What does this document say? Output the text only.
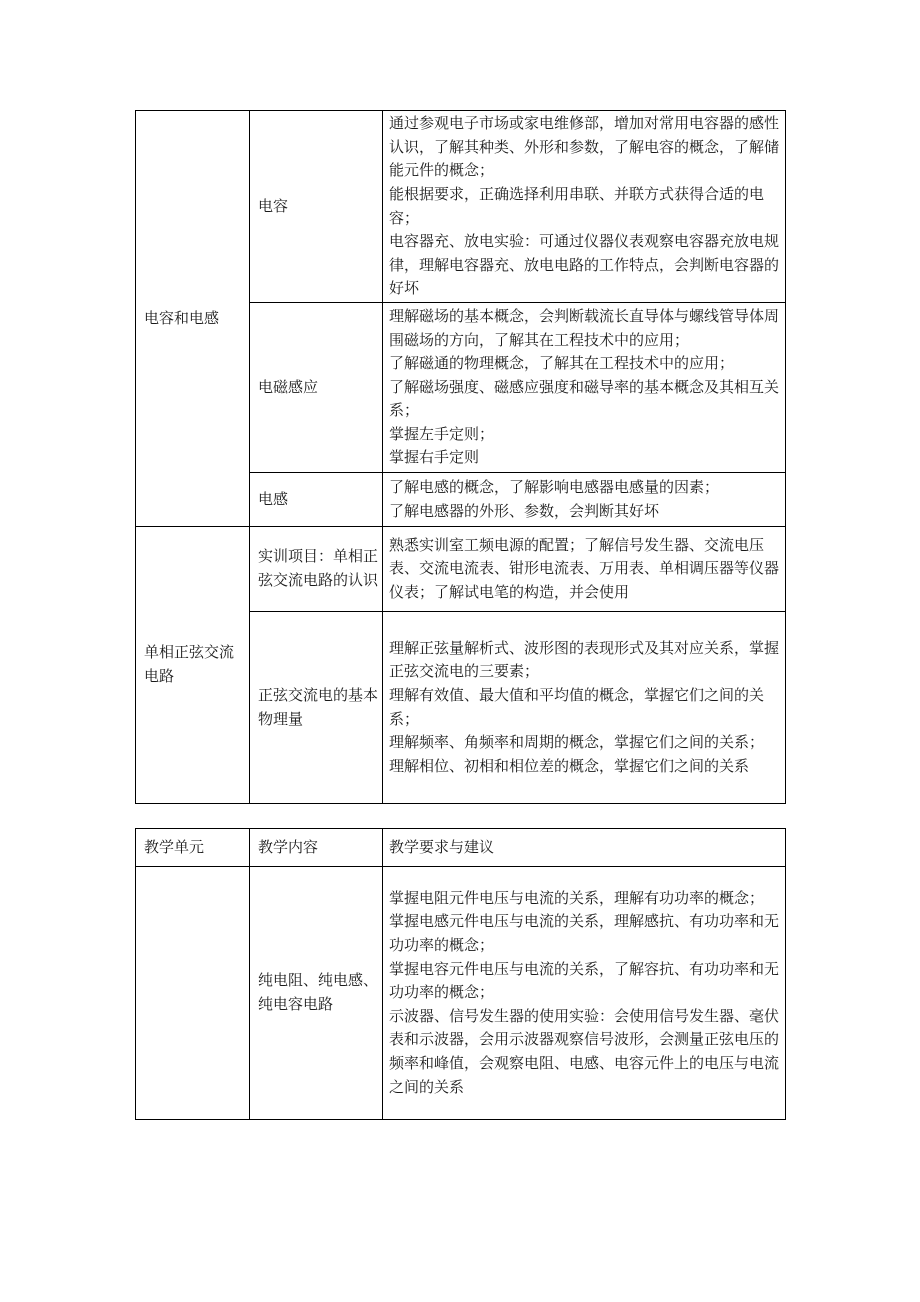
电容和电感	电容	通过参观电子市场或家电维修部，增加对常用电容器的感性认识，了解其种类、外形和参数，了解电容的概念，了解储能元件的概念；

能根据要求，正确选择利用串联、并联方式获得合适的电容；

电容器充、放电实验：可通过仪器仪表观察电容器充放电规律，理解电容器充、放电电路的工作特点，会判断电容器的好坏

	电磁感应	理解磁场的基本概念，会判断载流长直导体与螺线管导体周围磁场的方向，了解其在工程技术中的应用；

了解磁通的物理概念，了解其在工程技术中的应用；

了解磁场强度、磁感应强度和磁导率的基本概念及其相互关系；

掌握左手定则；

掌握右手定则

	电感	了解电感的概念，了解影响电感器电感量的因素；

了解电感器的外形、参数，会判断其好坏

单相正弦交流电路	实训项目：单相正弦交流电路的认识	熟悉实训室工频电源的配置；了解信号发生器、交流电压表、交流电流表、钳形电流表、万用表、单相调压器等仪器仪表；了解试电笔的构造，并会使用

	正弦交流电的基本物理量	理解正弦量解析式、波形图的表现形式及其对应关系，掌握正弦交流电的三要素；

理解有效值、最大值和平均值的概念，掌握它们之间的关系；

理解频率、角频率和周期的概念，掌握它们之间的关系；

理解相位、初相和相位差的概念，掌握它们之间的关系

教学单元	教学内容	教学要求与建议
	纯电阻、纯电感、纯电容电路	掌握电阻元件电压与电流的关系，理解有功功率的概念；

掌握电感元件电压与电流的关系，理解感抗、有功功率和无功功率的概念；

掌握电容元件电压与电流的关系，了解容抗、有功功率和无功功率的概念；

示波器、信号发生器的使用实验：会使用信号发生器、毫伏表和示波器，会用示波器观察信号波形，会测量正弦电压的频率和峰值，会观察电阻、电感、电容元件上的电压与电流之间的关系
